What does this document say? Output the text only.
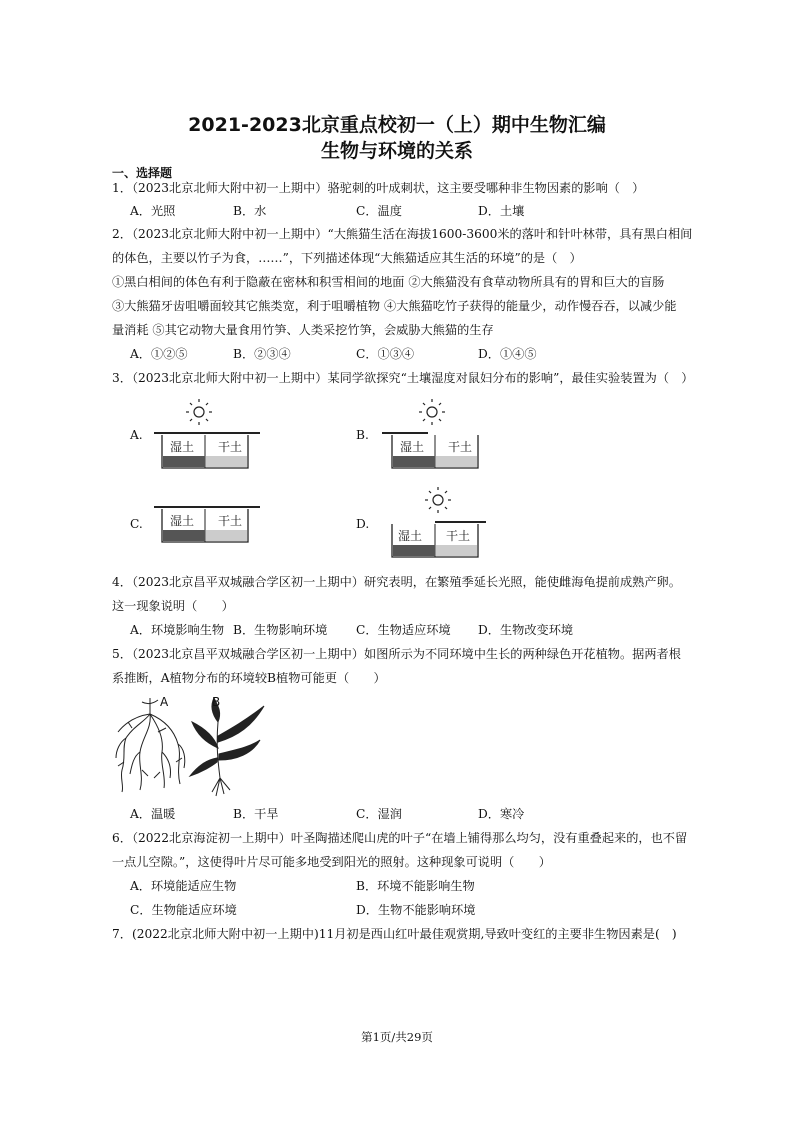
2021-2023北京重点校初一（上）期中生物汇编
生物与环境的关系
一、选择题
1．（2023北京北师大附中初一上期中）骆驼刺的叶成刺状，这主要受哪种非生物因素的影响（　）
A．光照	B．水	C．温度	D．土壤
2．（2023北京北师大附中初一上期中）“大熊猫生活在海拔1600-3600米的落叶和针叶林带，具有黑白相间
的体色，主要以竹子为食，……”，下列描述体现“大熊猫适应其生活的环境”的是（　）
①黑白相间的体色有利于隐蔽在密林和积雪相间的地面 ②大熊猫没有食草动物所具有的胃和巨大的盲肠
③大熊猫牙齿咀嚼面较其它熊类宽，利于咀嚼植物 ④大熊猫吃竹子获得的能量少，动作慢吞吞，以减少能
量消耗 ⑤其它动物大量食用竹笋、人类采挖竹笋，会威胁大熊猫的生存
A．①②⑤	B．②③④	C．①③④	D．①④⑤
3．（2023北京北师大附中初一上期中）某同学欲探究“土壤湿度对鼠妇分布的影响”，最佳实验装置为（　）
A.
湿土 干土
B.
湿土 干土
C. 湿土 干土	D.
湿土 干土
4．（2023北京昌平双城融合学区初一上期中）研究表明，在繁殖季延长光照，能使雌海龟提前成熟产卵。
这一现象说明（　　）
A．环境影响生物 B．生物影响环境 C．生物适应环境 D．生物改变环境
5．（2023北京昌平双城融合学区初一上期中）如图所示为不同环境中生长的两种绿色开花植物。据两者根
系推断，A植物分布的环境较B植物可能更（　　）
A	B
A．温暖	B．干旱	C．湿润	D．寒冷
6．（2022北京海淀初一上期中）叶圣陶描述爬山虎的叶子“在墙上铺得那么均匀，没有重叠起来的，也不留
一点儿空隙。”，这使得叶片尽可能多地受到阳光的照射。这种现象可说明（　　）
A．环境能适应生物	B．环境不能影响生物
C．生物能适应环境	D．生物不能影响环境
7．(2022北京北师大附中初一上期中)11月初是西山红叶最佳观赏期,导致叶变红的主要非生物因素是(　)
第1页/共29页
